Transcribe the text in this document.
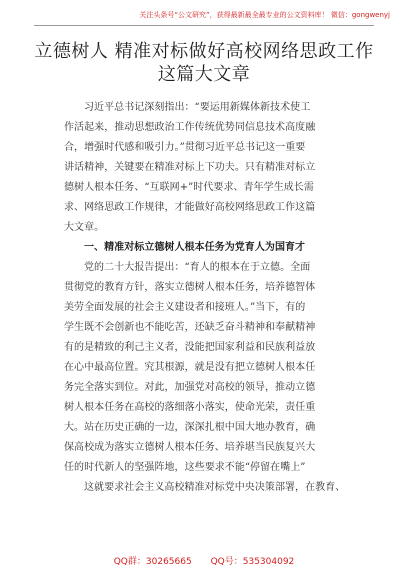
关注头条号“公文研究”，获得最新最全最专业的公文资料库！ 微信：gongwenyj
立德树人 精准对标做好高校网络思政工作
这篇大文章
习近平总书记深刻指出：“要运用新媒体新技术使工
作活起来，推动思想政治工作传统优势同信息技术高度融
合，增强时代感和吸引力。”贯彻习近平总书记这一重要
讲话精神，关键要在精准对标上下功夫。只有精准对标立
德树人根本任务、“互联网+”时代要求、青年学生成长需
求、网络思政工作规律，才能做好高校网络思政工作这篇
大文章。
一、精准对标立德树人根本任务为党育人为国育才
党的二十大报告提出：“育人的根本在于立德。全面
贯彻党的教育方针，落实立德树人根本任务，培养德智体
美劳全面发展的社会主义建设者和接班人。”当下，有的
学生既不会创新也不能吃苦，还缺乏奋斗精神和奉献精神
有的是精致的利己主义者，没能把国家利益和民族利益放
在心中最高位置。究其根源，就是没有把立德树人根本任
务完全落实到位。对此，加强党对高校的领导，推动立德
树人根本任务在高校的落细落小落实，使命光荣，责任重
大。站在历史正确的一边，深深扎根中国大地办教育，确
保高校成为落实立德树人根本任务、培养堪当民族复兴大
任的时代新人的坚强阵地，这些要求不能“停留在嘴上”
这就要求社会主义高校精准对标党中央决策部署，在教育、
QQ群：30265665 QQ号：535304092
